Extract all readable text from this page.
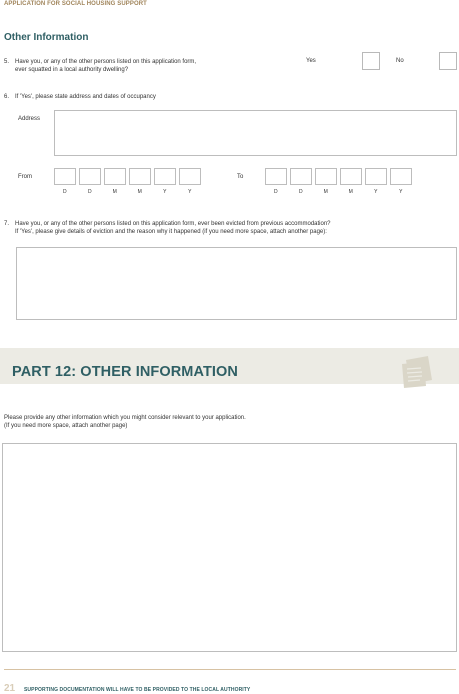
APPLICATION FOR SOCIAL HOUSING SUPPORT
Other Information
5. Have you, or any of the other persons listed on this application form,
ever squatted in a local authority dwelling?
Yes	No
6. If 'Yes', please state address and dates of occupancy
Address
From
D	D	M	M	Y	Y
To
D	D	M	M	Y	Y
7. Have you, or any of the other persons listed on this application form, ever been evicted from previous accommodation?
If 'Yes', please give details of eviction and the reason why it happened (if you need more space, attach another page):
PART 12: OTHER INFORMATION
Please provide any other information which you might consider relevant to your application.
(If you need more space, attach another page)
21 SUPPORTING DOCUMENTATION WILL HAVE TO BE PROVIDED TO THE LOCAL AUTHORITY
